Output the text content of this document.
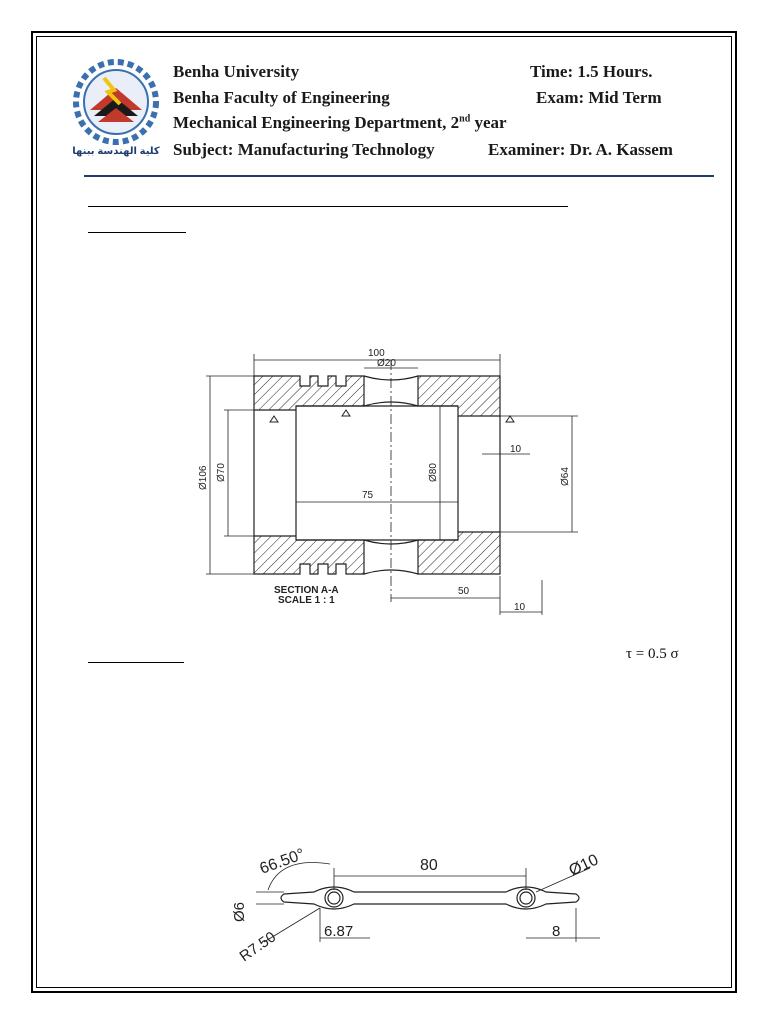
كلية الهندسة ببنها
Benha University
Benha Faculty of Engineering
Mechanical Engineering Department, 2nd year
Subject: Manufacturing Technology
Time: 1.5 Hours.
Exam: Mid Term
Examiner: Dr. A. Kassem
τ = 0.5 σ
100
Ø20
Ø106 Ø70	Ø80	Ø64
75
10
50
10
SECTION A-A
SCALE 1 : 1
66.50°	80	Ø10
Ø6
R7.50	6.87	8
